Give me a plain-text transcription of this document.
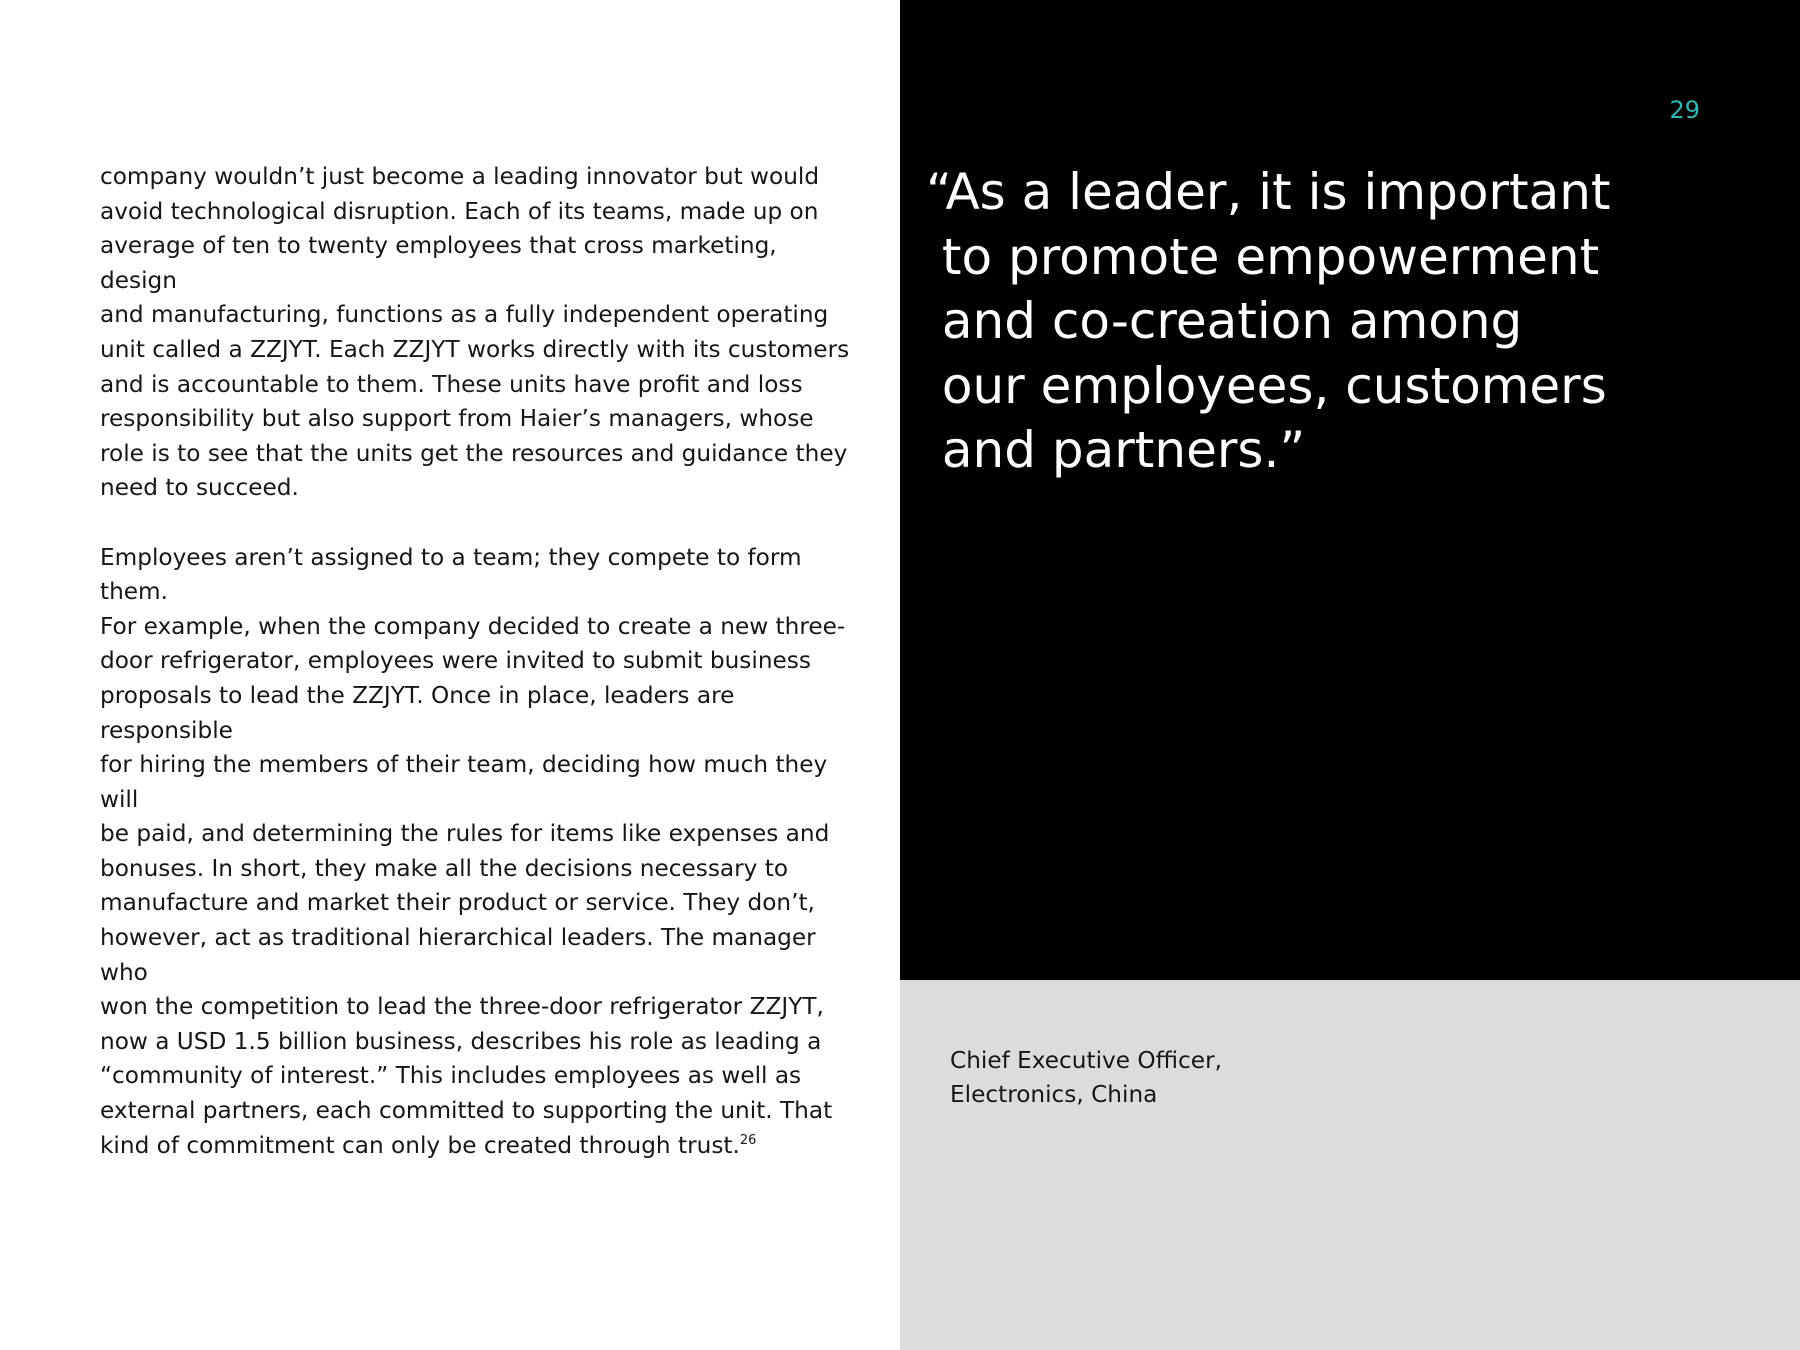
company wouldn’t just become a leading innovator but would
avoid technological disruption. Each of its teams, made up on
average of ten to twenty employees that cross marketing, design
and manufacturing, functions as a fully independent operating
unit called a ZZJYT. Each ZZJYT works directly with its customers
and is accountable to them. These units have profit and loss
responsibility but also support from Haier’s managers, whose
role is to see that the units get the resources and guidance they
need to succeed.

Employees aren’t assigned to a team; they compete to form them.
For example, when the company decided to create a new three-
door refrigerator, employees were invited to submit business
proposals to lead the ZZJYT. Once in place, leaders are responsible
for hiring the members of their team, deciding how much they will
be paid, and determining the rules for items like expenses and
bonuses. In short, they make all the decisions necessary to
manufacture and market their product or service. They don’t,
however, act as traditional hierarchical leaders. The manager who
won the competition to lead the three-door refrigerator ZZJYT,
now a USD 1.5 billion business, describes his role as leading a
“community of interest.” This includes employees as well as
external partners, each committed to supporting the unit. That
kind of commitment can only be created through trust.$^{26}$

29

“As a leader, it is important
to promote empowerment
and co-creation among
our employees, customers
and partners.”

Chief Executive Officer,
Electronics, China
